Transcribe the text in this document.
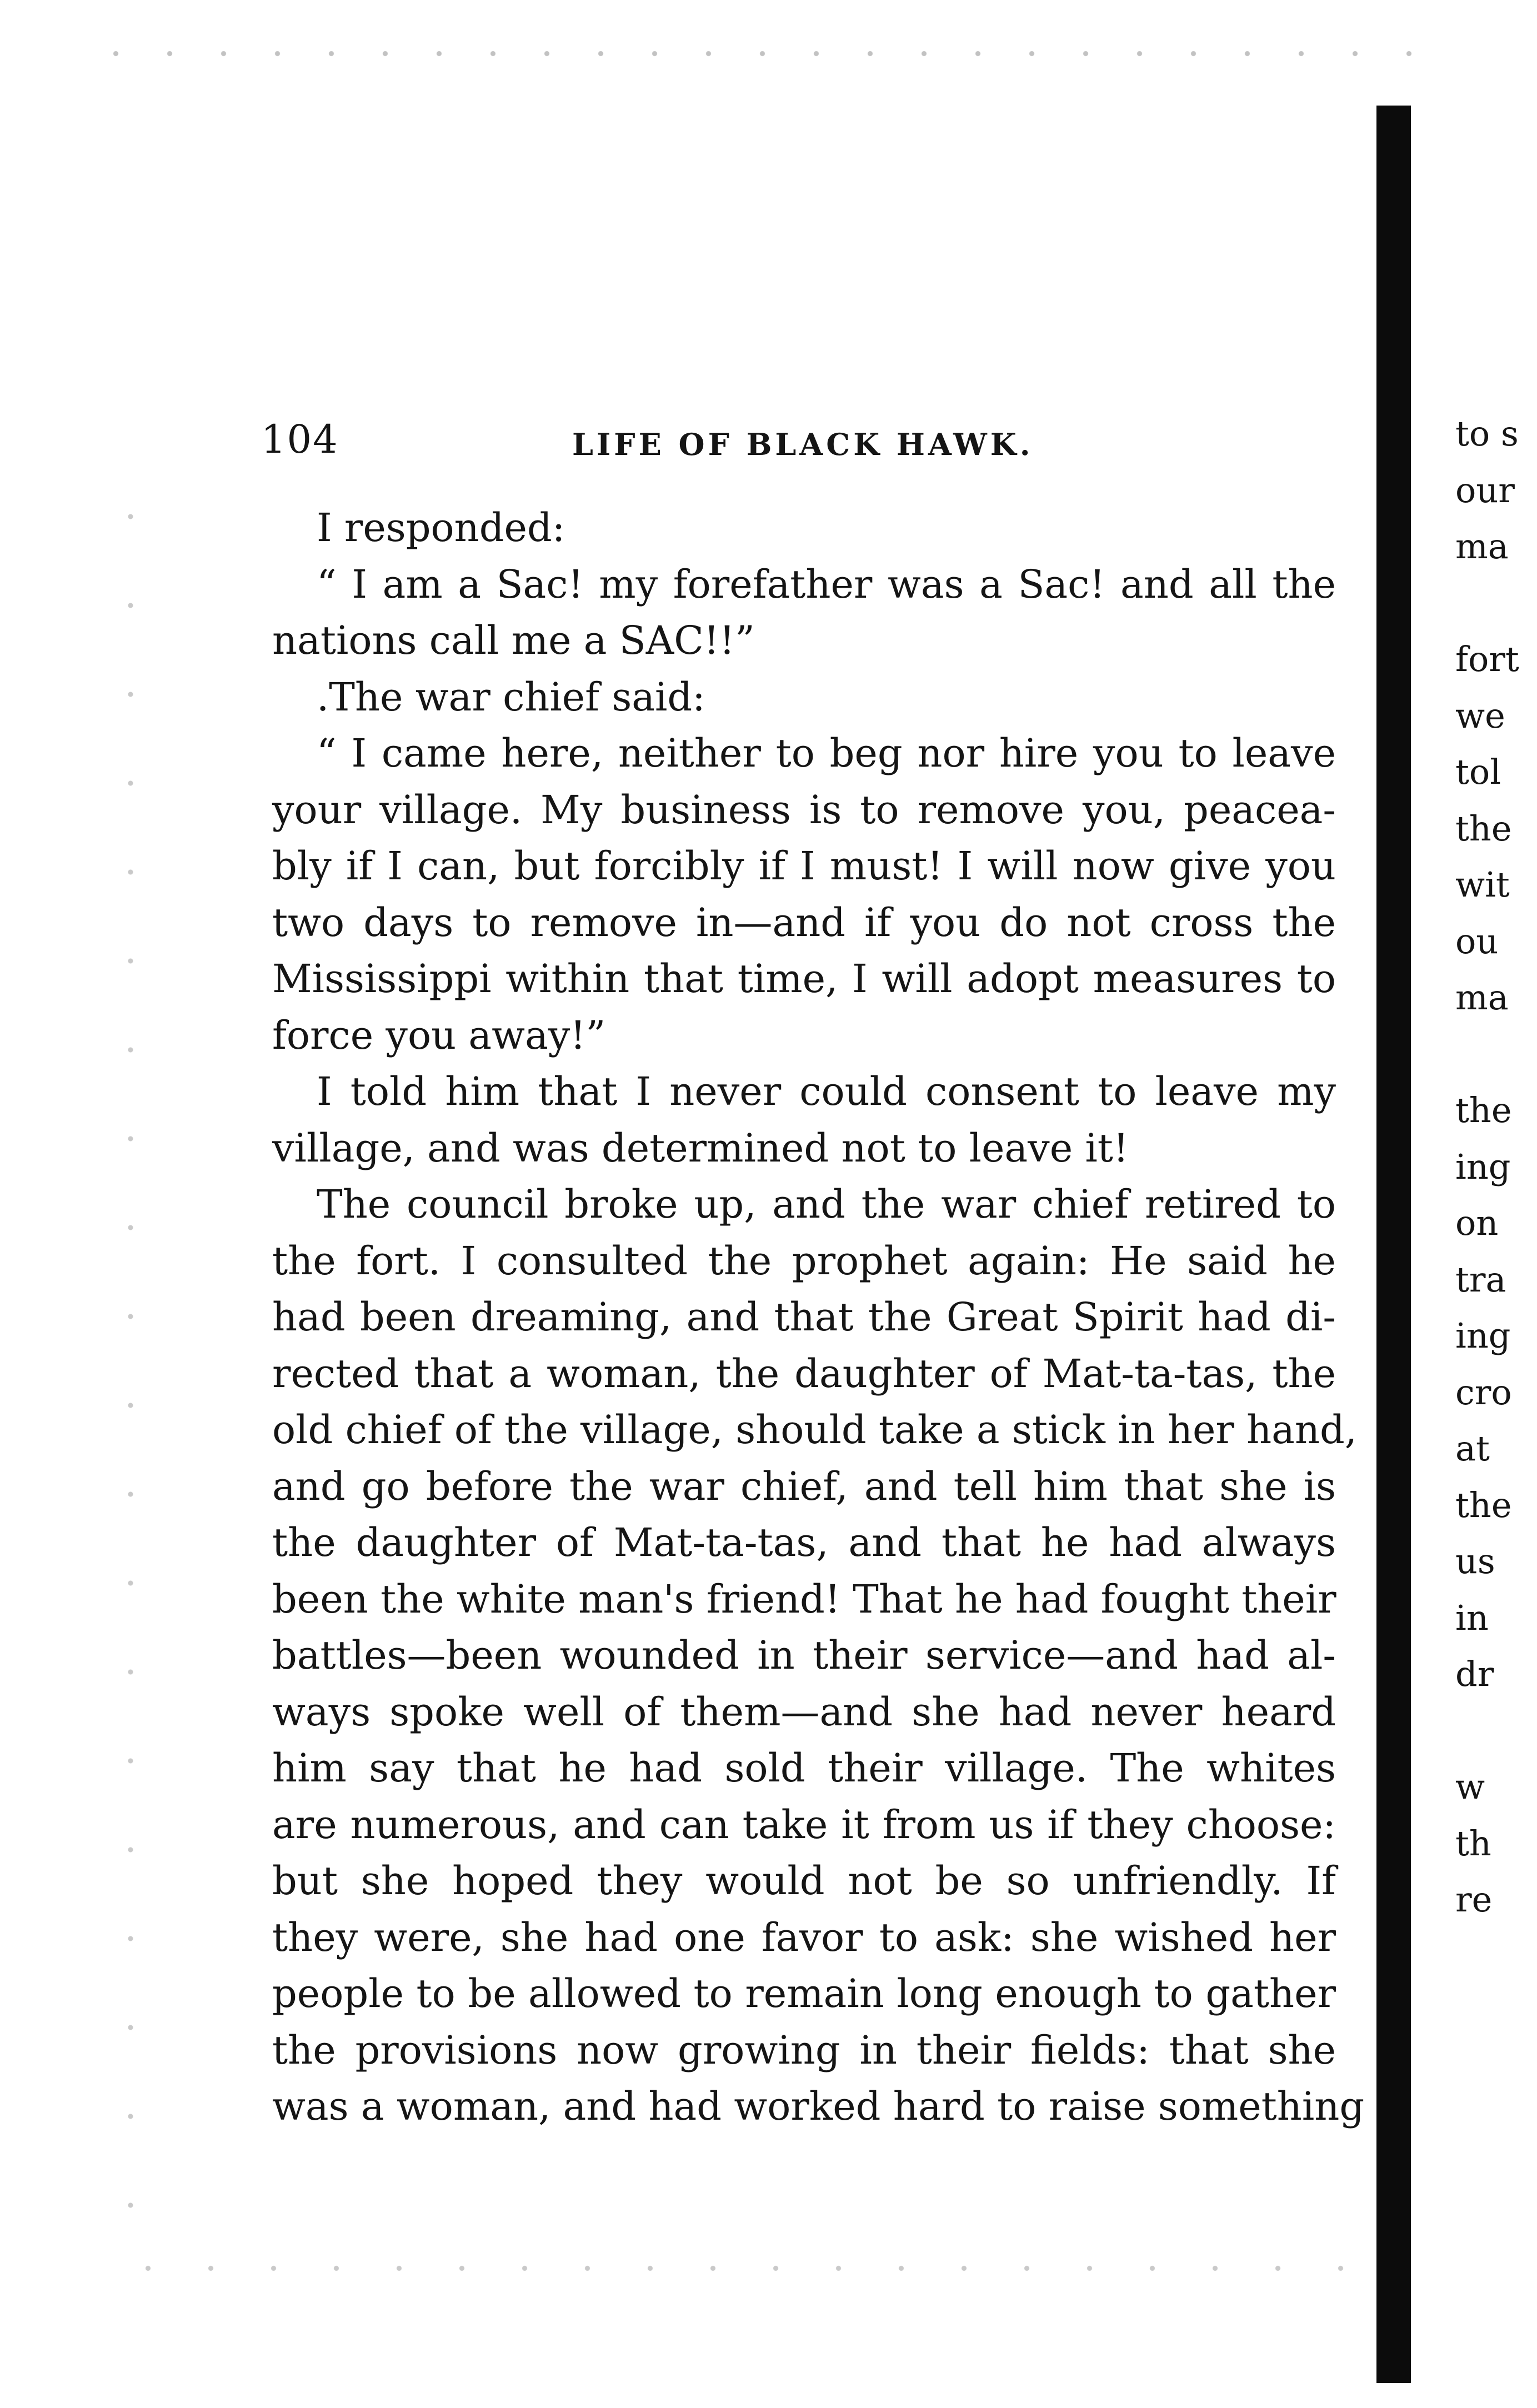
104	LIFE OF BLACK HAWK.
I responded:
“ I am a Sac! my forefather was a Sac! and all the
nations call me a SAC!!”
.The war chief said:
“ I came here, neither to beg nor hire you to leave
your village. My business is to remove you, peacea-
bly if I can, but forcibly if I must! I will now give you
two days to remove in—and if you do not cross the
Mississippi within that time, I will adopt measures to
force you away!”
I told him that I never could consent to leave my
village, and was determined not to leave it!
The council broke up, and the war chief retired to
the fort. I consulted the prophet again: He said he
had been dreaming, and that the Great Spirit had di-
rected that a woman, the daughter of Mat-ta-tas, the
old chief of the village, should take a stick in her hand,
and go before the war chief, and tell him that she is
the daughter of Mat-ta-tas, and that he had always
been the white man's friend! That he had fought their
battles—been wounded in their service—and had al-
ways spoke well of them—and she had never heard
him say that he had sold their village. The whites
are numerous, and can take it from us if they choose:
but she hoped they would not be so unfriendly. If
they were, she had one favor to ask: she wished her
people to be allowed to remain long enough to gather
the provisions now growing in their fields: that she
was a woman, and had worked hard to raise something
to s
our
ma
fort
we
tol
the
wit
ou
ma
the
ing
on
tra
ing
cro
at
the
us
in
dr
w
th
re
